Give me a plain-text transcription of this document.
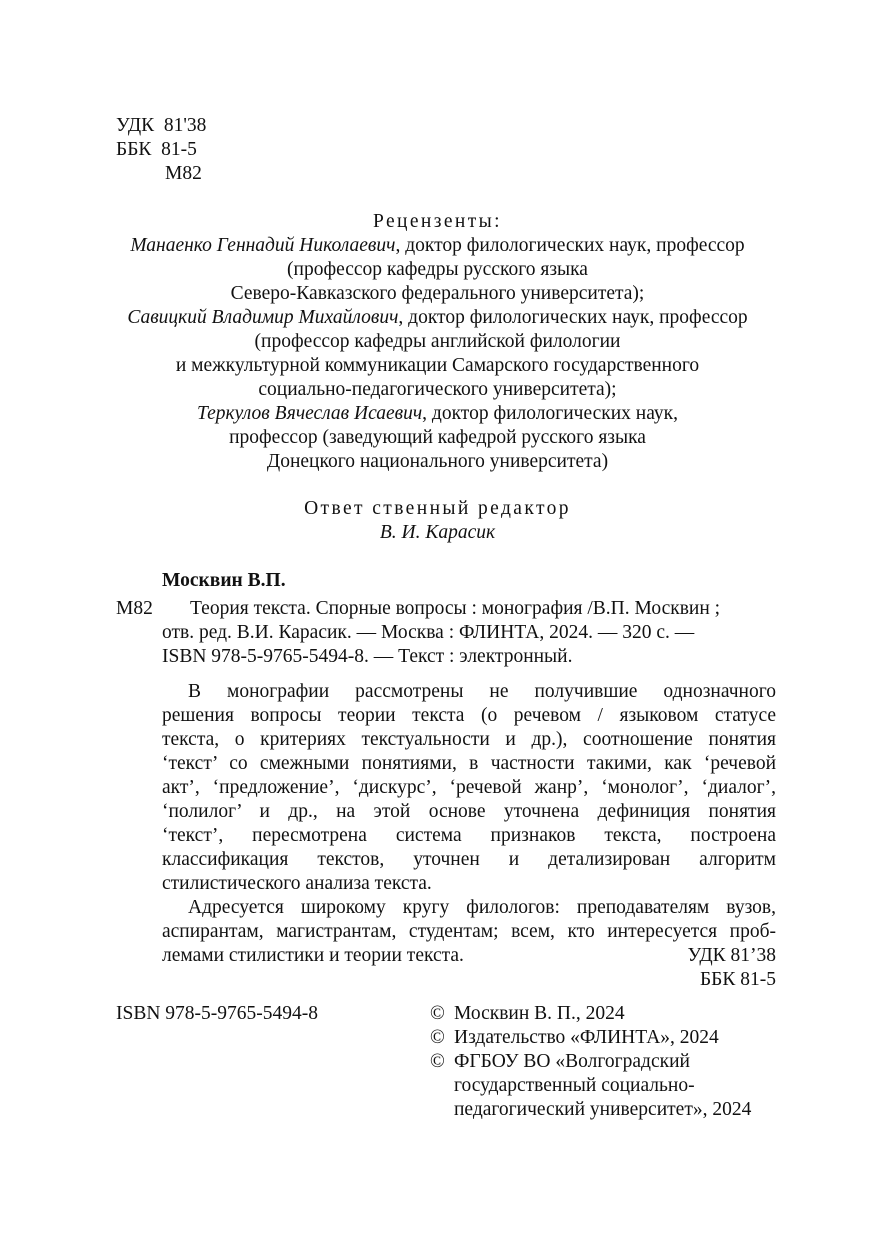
УДК 81'38
ББК 81-5
М82
Рецензенты:
Манаенко Геннадий Николаевич, доктор филологических наук, профессор
(профессор кафедры русского языка
Северо-Кавказского федерального университета);
Савицкий Владимир Михайлович, доктор филологических наук, профессор
(профессор кафедры английской филологии
и межкультурной коммуникации Самарского государственного
социально-педагогического университета);
Теркулов Вячеслав Исаевич, доктор филологических наук,
профессор (заведующий кафедрой русского языка
Донецкого национального университета)
Ответ ственный редактор
В. И. Карасик
Москвин В.П.
М82 Теория текста. Спорные вопросы : монография /В.П. Москвин ;
отв. ред. В.И. Карасик. — Москва : ФЛИНТА, 2024. — 320 с. —
ISBN 978-5-9765-5494-8. — Текст : электронный.
В монографии рассмотрены не получившие однозначного
решения вопросы теории текста (о речевом / языковом статусе
текста, о критериях текстуальности и др.), соотношение понятия
‘текст’ со смежными понятиями, в частности такими, как ‘речевой
акт’, ‘предложение’, ‘дискурс’, ‘речевой жанр’, ‘монолог’, ‘диалог’,
‘полилог’ и др., на этой основе уточнена дефиниция понятия
‘текст’, пересмотрена система признаков текста, построена
классификация текстов, уточнен и детализирован алгоритм
стилистического анализа текста.
Адресуется широкому кругу филологов: преподавателям вузов,
аспирантам, магистрантам, студентам; всем, кто интересуется проб-
лемами стилистики и теории текста.	УДК 81’38
ББК 81-5
ISBN 978-5-9765-5494-8	© Москвин В. П., 2024
© Издательство «ФЛИНТА», 2024
© ФГБОУ ВО «Волгоградский
государственный социально-
педагогический университет», 2024
